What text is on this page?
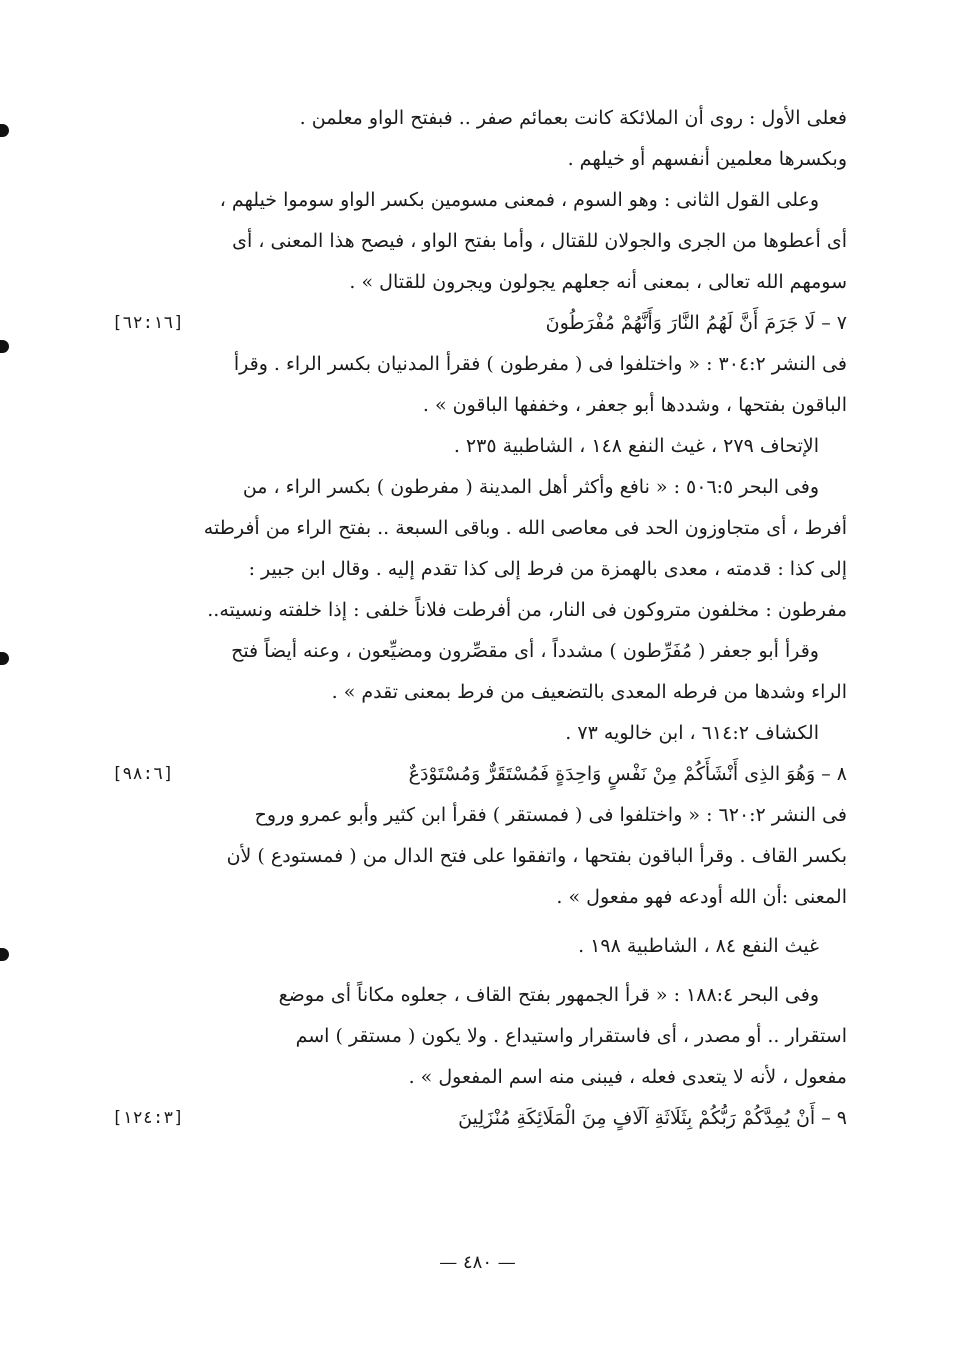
فعلى الأول : روى أن الملائكة كانت بعمائم صفر .. فبفتح الواو معلمن .
وبكسرها معلمين أنفسهم أو خيلهم .
وعلى القول الثانى : وهو السوم ، فمعنى مسومين بكسر الواو سوموا خيلهم ،
أى أعطوها من الجرى والجولان للقتال ، وأما بفتح الواو ، فيصح هذا المعنى ، أى
سومهم الله تعالى ، بمعنى أنه جعلهم يجولون ويجرون للقتال » .
٧ – لَا جَرَمَ أَنَّ لَهُمُ النَّارَ وَأَنَّهُمْ مُفْرَطُونَ
[٦٢:١٦]
فى النشر ٣٠٤:٢ : « واختلفوا فى ( مفرطون ) فقرأ المدنيان بكسر الراء . وقرأ
الباقون بفتحها ، وشددها أبو جعفر ، وخففها الباقون » .
الإتحاف ٢٧٩ ، غيث النفع ١٤٨ ، الشاطبية ٢٣٥ .
وفى البحر ٥٠٦:٥ : « نافع وأكثر أهل المدينة ( مفرطون ) بكسر الراء ، من
أفرط ، أى متجاوزون الحد فى معاصى الله . وباقى السبعة .. بفتح الراء من أفرطته
إلى كذا : قدمته ، معدى بالهمزة من فرط إلى كذا تقدم إليه . وقال ابن جبير :
مفرطون : مخلفون متروكون فى النار، من أفرطت فلاناً خلفى : إذا خلفته ونسيته..
وقرأ أبو جعفر ( مُفَرِّطون ) مشدداً ، أى مقصِّرون ومضيِّعون ، وعنه أيضاً فتح
الراء وشدها من فرطه المعدى بالتضعيف من فرط بمعنى تقدم » .
الكشاف ٦١٤:٢ ، ابن خالويه ٧٣ .
٨ – وَهُوَ الذِى أَنْشَأَكُمْ مِنْ نَفْسٍ وَاحِدَةٍ فَمُسْتَقَرٌّ وَمُسْتَوْدَعٌ
[٩٨:٦]
فى النشر ٦٢٠:٢ : « واختلفوا فى ( فمستقر ) فقرأ ابن كثير وأبو عمرو وروح
بكسر القاف . وقرأ الباقون بفتحها ، واتفقوا على فتح الدال من ( فمستودع ) لأن
المعنى :أن الله أودعه فهو مفعول » .
غيث النفع ٨٤ ، الشاطبية ١٩٨ .
وفى البحر ١٨٨:٤ : « قرأ الجمهور بفتح القاف ، جعلوه مكاناً أى موضع
استقرار .. أو مصدر ، أى فاستقرار واستيداع . ولا يكون ( مستقر ) اسم
مفعول ، لأنه لا يتعدى فعله ، فيبنى منه اسم المفعول » .
٩ – أَنْ يُمِدَّكُمْ رَبُّكُمْ بِثَلَاثَةِ آلَافٍ مِنَ الْمَلَائِكَةِ مُنْزَلِينَ
[١٢٤:٣]
— ٤٨٠ —
